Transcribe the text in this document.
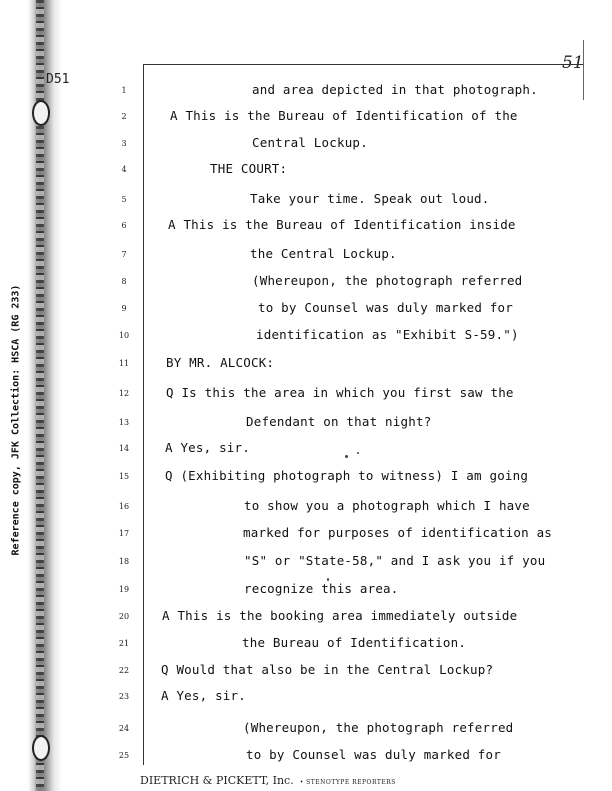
Reference copy, JFK Collection: HSCA (RG 233)
D51
51
1	and area depicted in that photograph.
2	A This is the Bureau of Identification of the
3	Central Lockup.
4	THE COURT:
5	Take your time. Speak out loud.
6	A This is the Bureau of Identification inside
7	the Central Lockup.
8	(Whereupon, the photograph referred
9	to by Counsel was duly marked for
10	identification as "Exhibit S-59.")
11	BY MR. ALCOCK:
12	Q Is this the area in which you first saw the
13	Defendant on that night?
14	A Yes, sir.
15	Q (Exhibiting photograph to witness) I am going
16	to show you a photograph which I have
17	marked for purposes of identification as
18	"S" or "State-58," and I ask you if you
19	recognize this area.
20	A This is the booking area immediately outside
21	the Bureau of Identification.
22	Q Would that also be in the Central Lockup?
23	A Yes, sir.
24	(Whereupon, the photograph referred
25	to by Counsel was duly marked for
DIETRICH & PICKETT, Inc. • STENOTYPE REPORTERS
